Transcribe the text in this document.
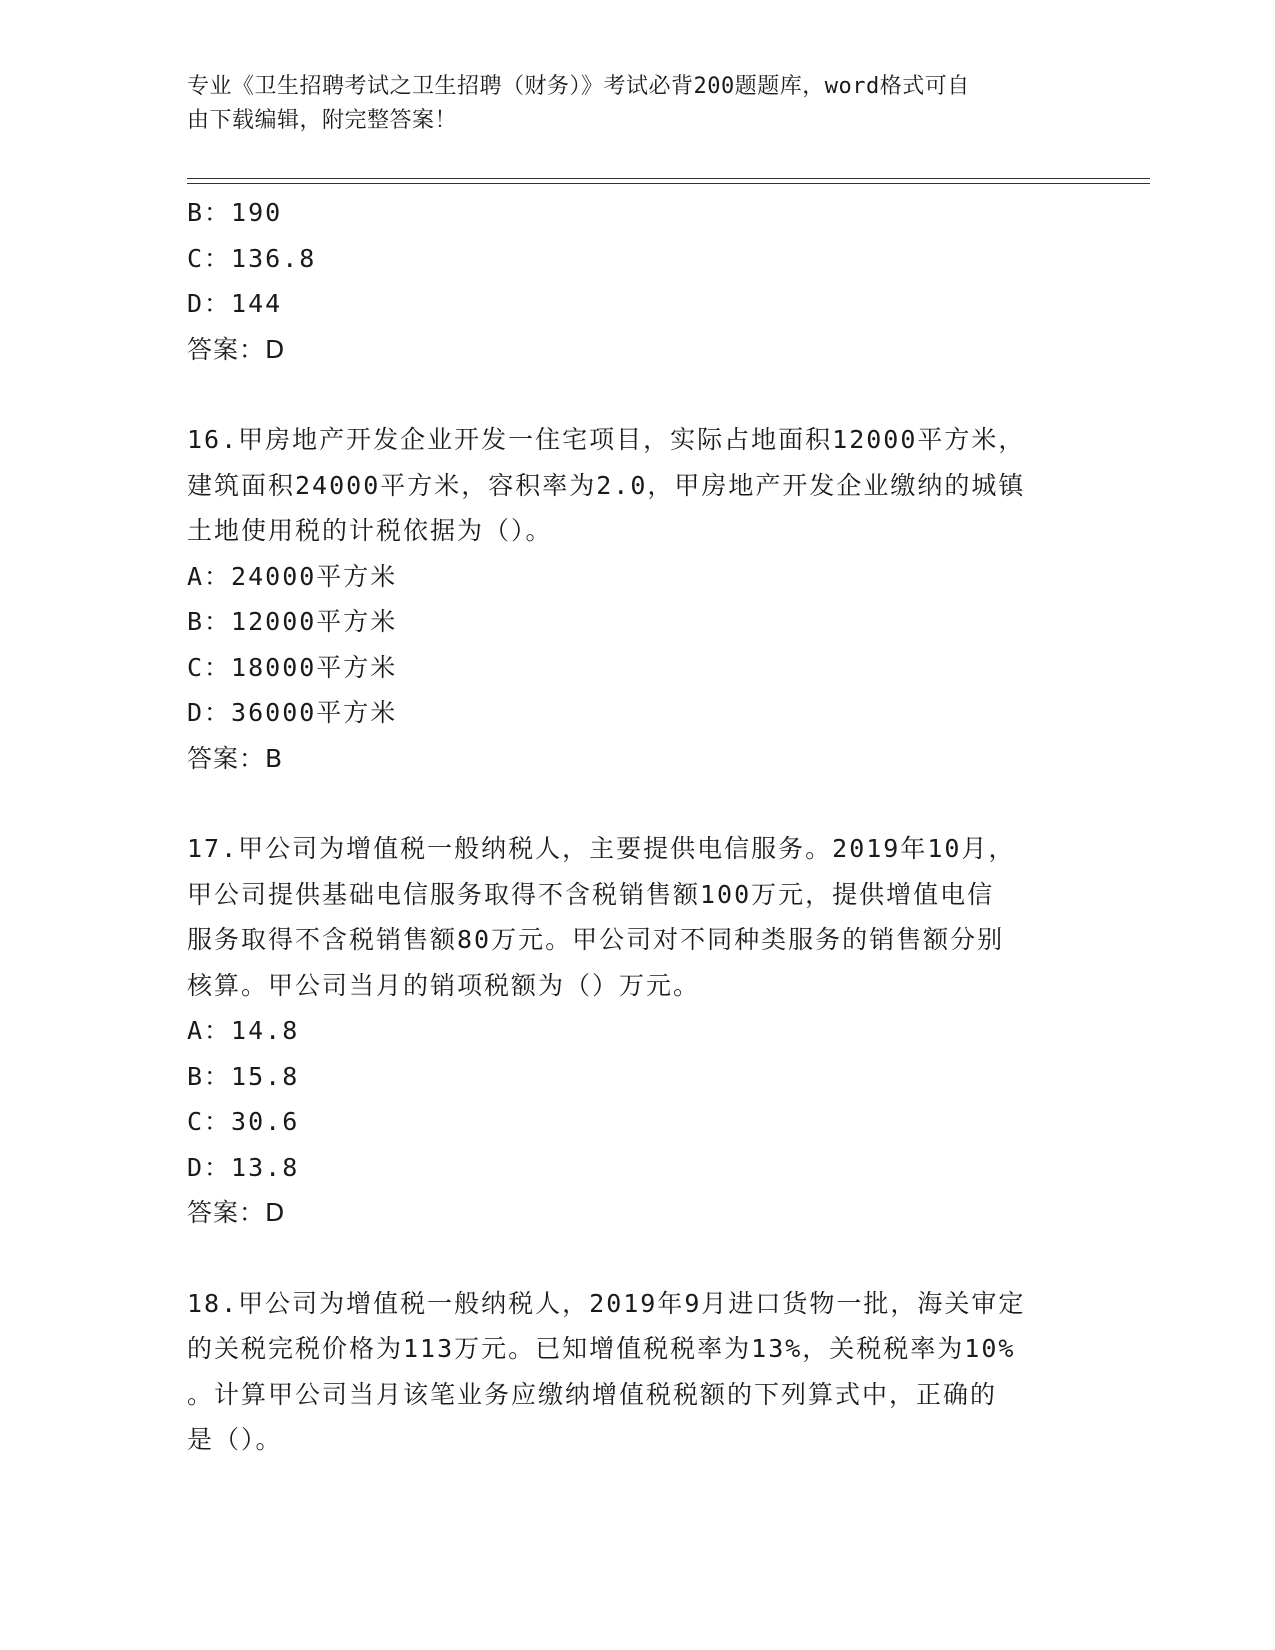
专业《卫生招聘考试之卫生招聘（财务）》考试必背200题题库，word格式可自
由下载编辑，附完整答案！
B：190
C：136.8
D：144
答案：D
16.甲房地产开发企业开发一住宅项目，实际占地面积12000平方米，
建筑面积24000平方米，容积率为2.0，甲房地产开发企业缴纳的城镇
土地使用税的计税依据为（）。
A：24000平方米
B：12000平方米
C：18000平方米
D：36000平方米
答案：B
17.甲公司为增值税一般纳税人，主要提供电信服务。2019年10月，
甲公司提供基础电信服务取得不含税销售额100万元，提供增值电信
服务取得不含税销售额80万元。甲公司对不同种类服务的销售额分别
核算。甲公司当月的销项税额为（）万元。
A：14.8
B：15.8
C：30.6
D：13.8
答案：D
18.甲公司为增值税一般纳税人，2019年9月进口货物一批，海关审定
的关税完税价格为113万元。已知增值税税率为13%，关税税率为10%
。计算甲公司当月该笔业务应缴纳增值税税额的下列算式中，正确的
是（）。
